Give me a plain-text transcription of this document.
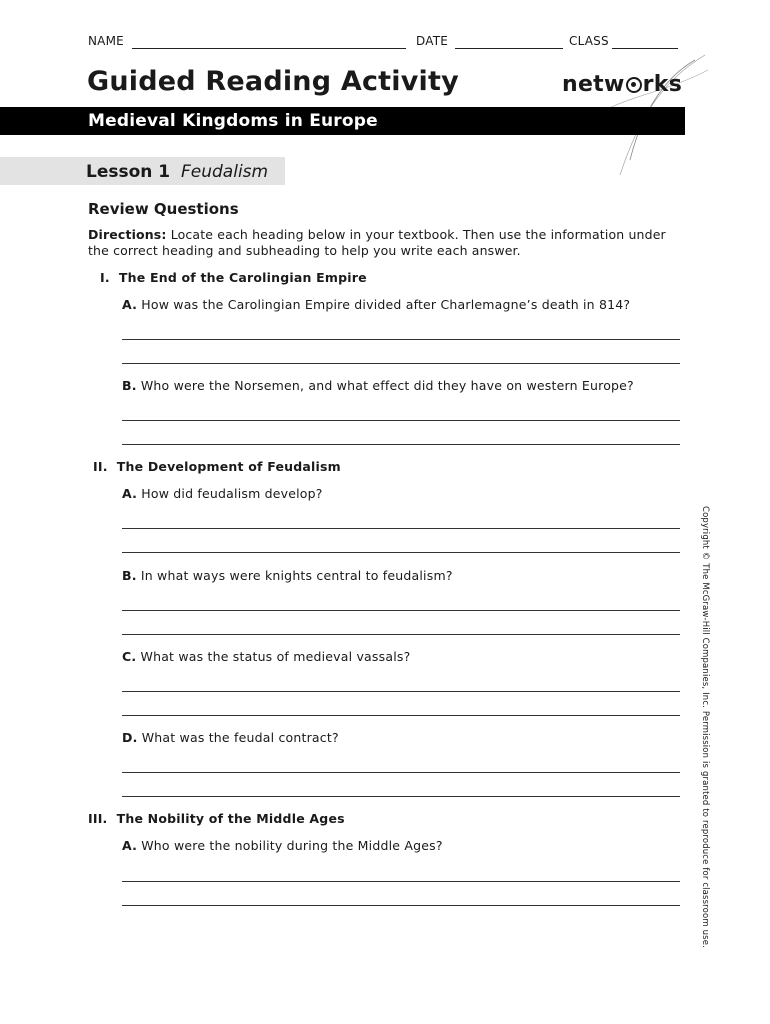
NAME	DATE	CLASS
Guided Reading Activity	netw rks
Medieval Kingdoms in Europe
Lesson 1 Feudalism
Review Questions
Directions: Locate each heading below in your textbook. Then use the information under the correct heading and subheading to help you write each answer.
I. The End of the Carolingian Empire
A. How was the Carolingian Empire divided after Charlemagne’s death in 814?
B. Who were the Norsemen, and what effect did they have on western Europe?
II. The Development of Feudalism
A. How did feudalism develop?
B. In what ways were knights central to feudalism?
C. What was the status of medieval vassals?
D. What was the feudal contract?
III. The Nobility of the Middle Ages
A. Who were the nobility during the Middle Ages?	Copyright © The McGraw-Hill Companies, Inc. Permission is granted to reproduce for classroom use.
